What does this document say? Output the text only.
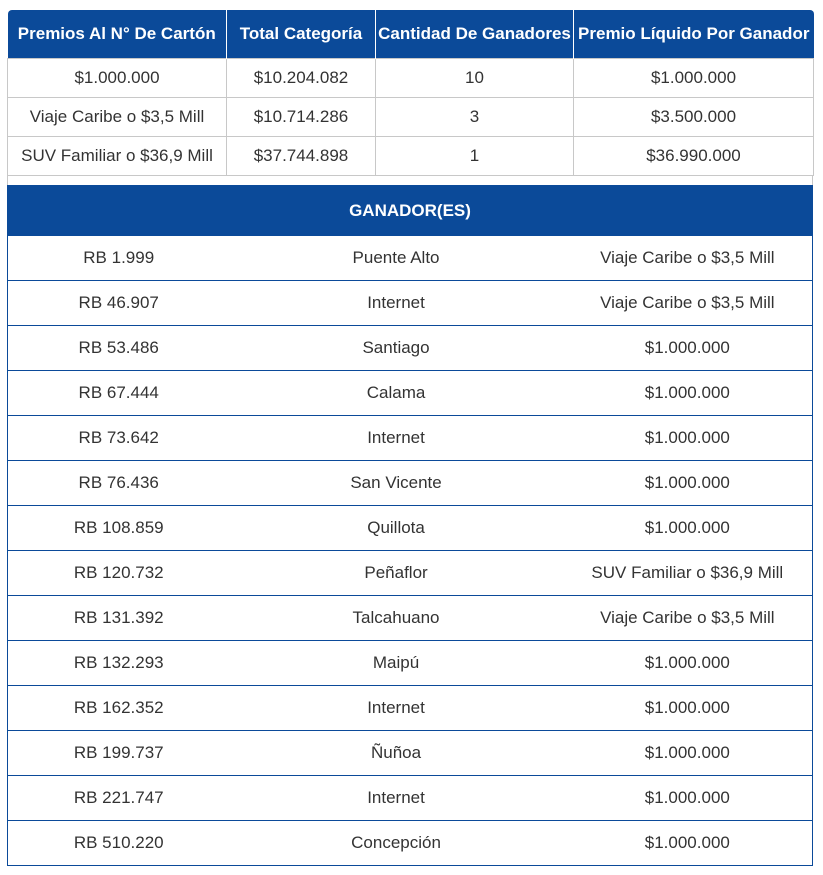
Premios Al N° De Cartón	Total Categoría	Cantidad De Ganadores	Premio Líquido Por Ganador
$1.000.000	$10.204.082	10	$1.000.000
Viaje Caribe o $3,5 Mill	$10.714.286	3	$3.500.000
SUV Familiar o $36,9 Mill	$37.744.898	1	$36.990.000
GANADOR(ES)
RB 1.999	Puente Alto	Viaje Caribe o $3,5 Mill
RB 46.907	Internet	Viaje Caribe o $3,5 Mill
RB 53.486	Santiago	$1.000.000
RB 67.444	Calama	$1.000.000
RB 73.642	Internet	$1.000.000
RB 76.436	San Vicente	$1.000.000
RB 108.859	Quillota	$1.000.000
RB 120.732	Peñaflor	SUV Familiar o $36,9 Mill
RB 131.392	Talcahuano	Viaje Caribe o $3,5 Mill
RB 132.293	Maipú	$1.000.000
RB 162.352	Internet	$1.000.000
RB 199.737	Ñuñoa	$1.000.000
RB 221.747	Internet	$1.000.000
RB 510.220	Concepción	$1.000.000
